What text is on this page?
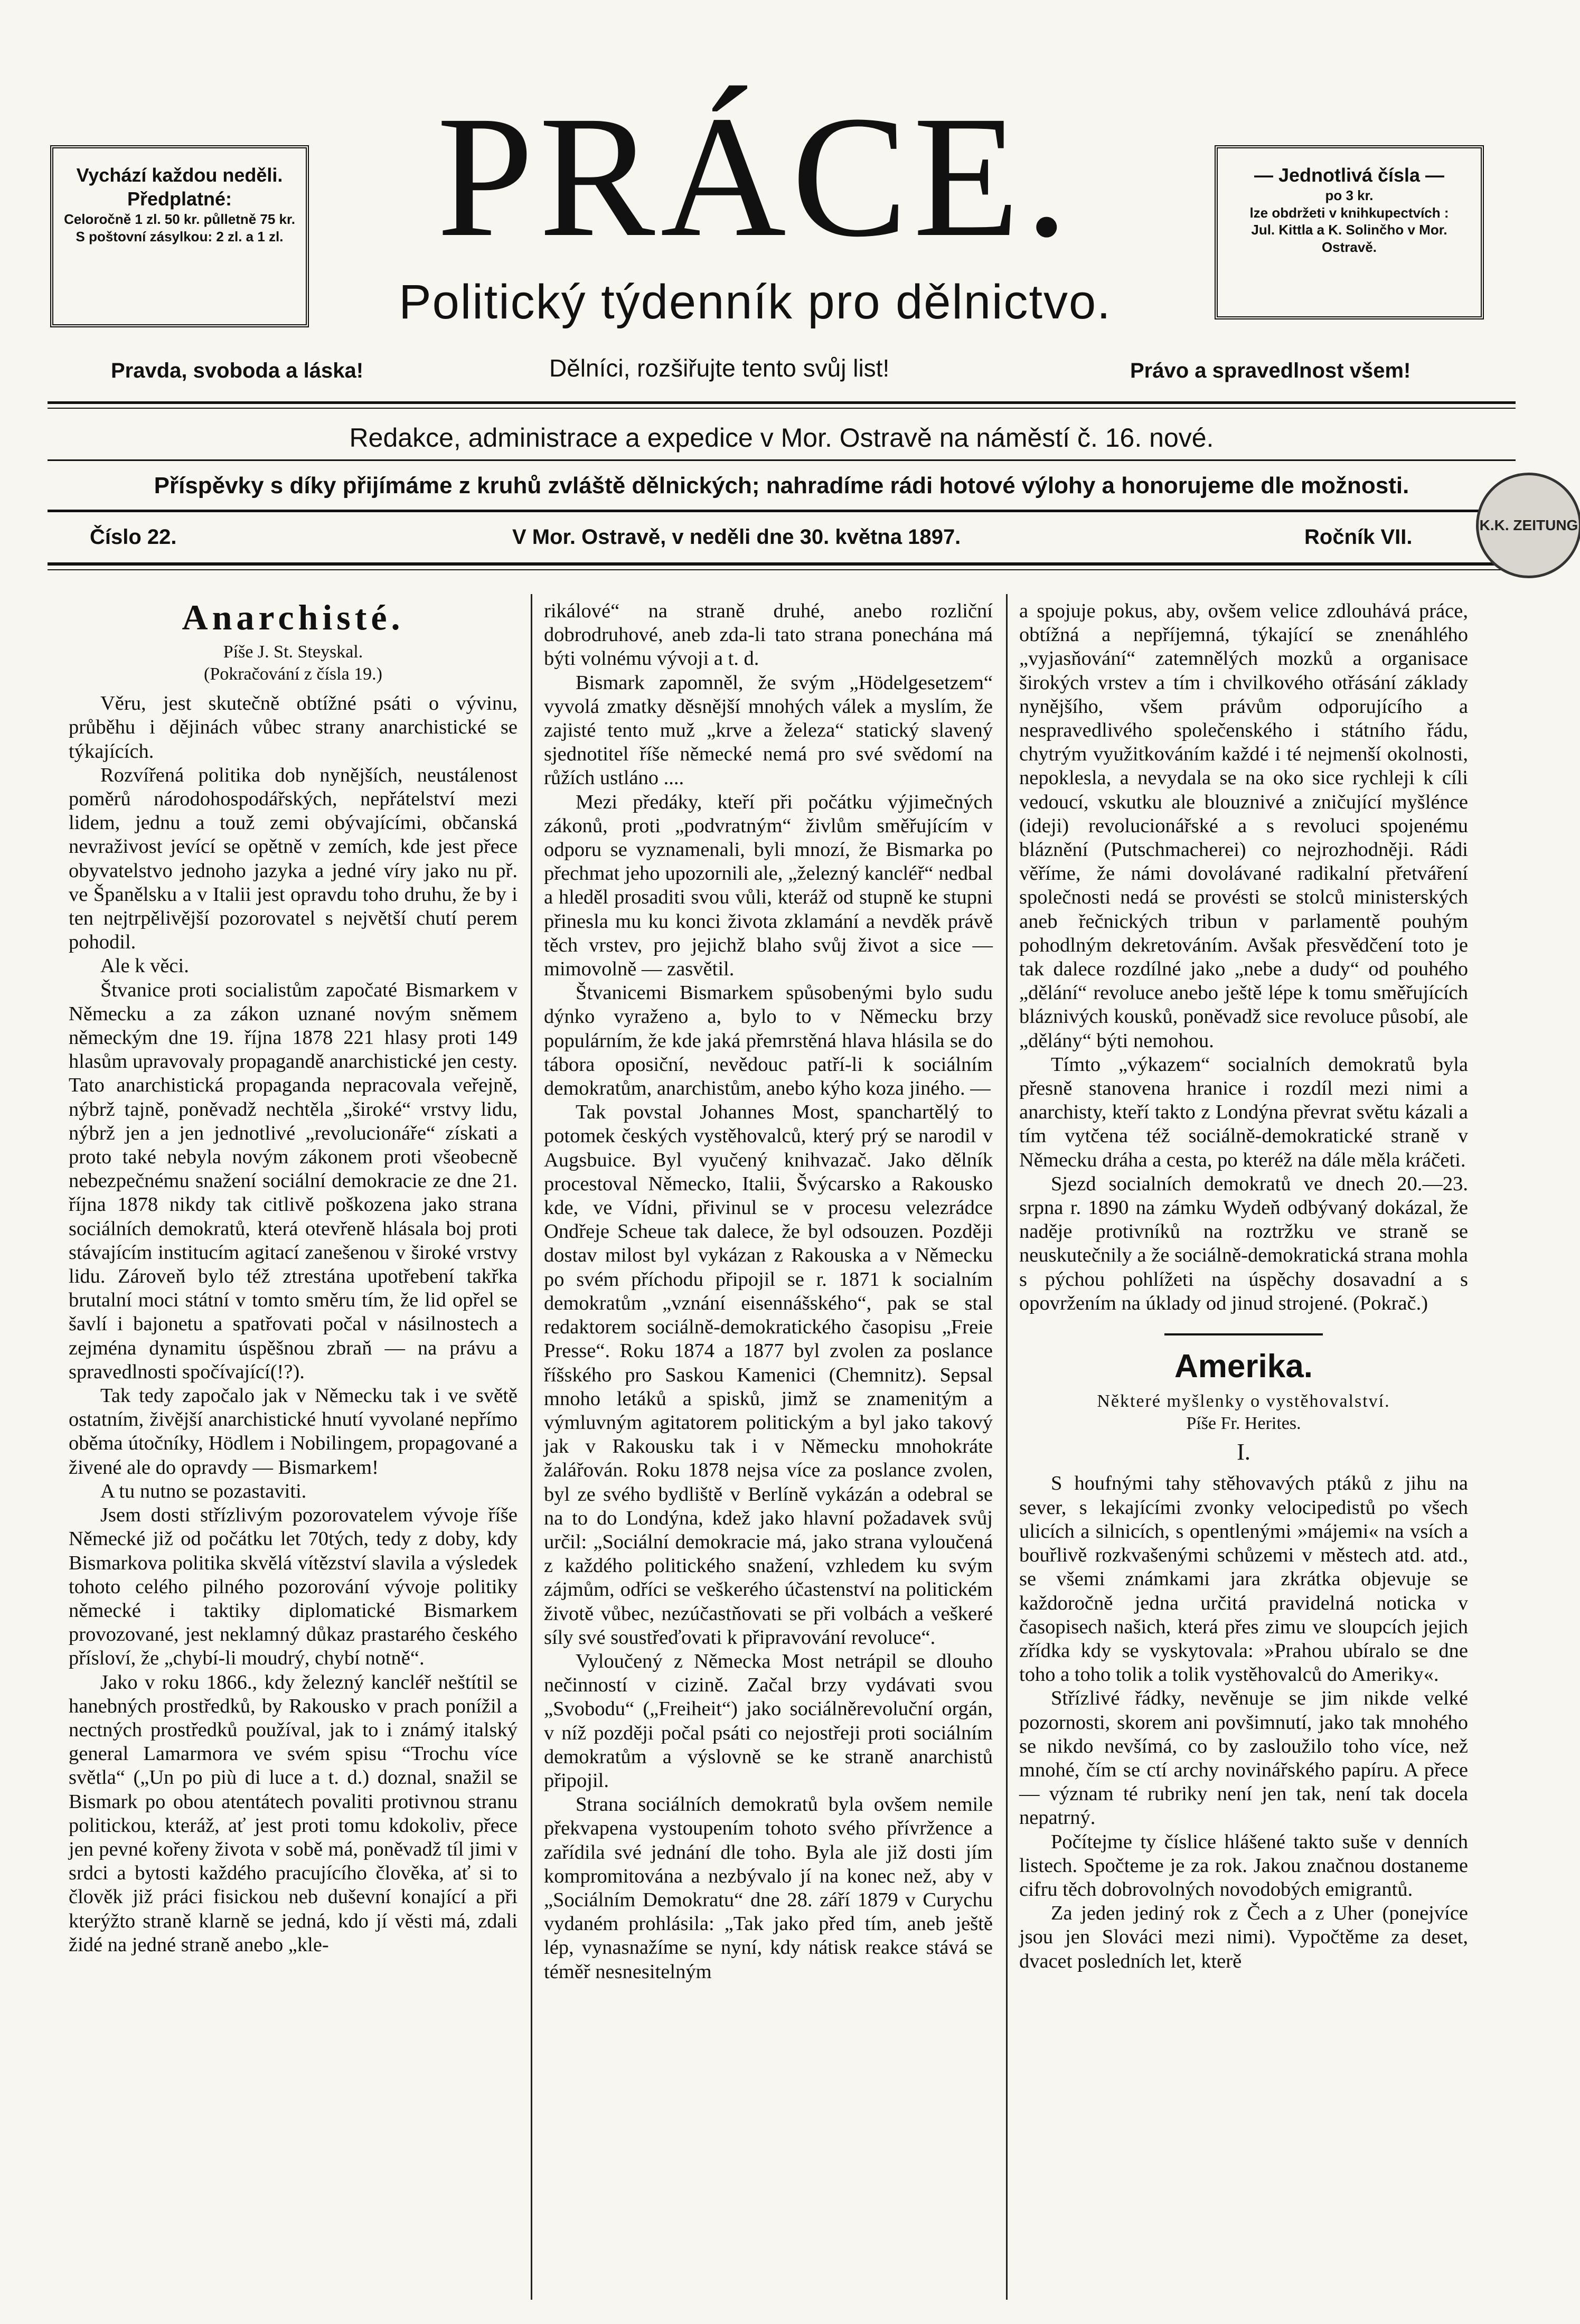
Vychází každou neděli.
Předplatné:
Celoročně 1 zl. 50 kr. půlletně 75 kr.
S poštovní zásylkou: 2 zl. a 1 zl. PRÁCE.
Politický týdenník pro dělnictvo.
— Jednotlivá čísla —
po 3 kr.
lze obdržeti v knihkupectvích :
Jul. Kittla a K. Solinčho v Mor. Ostravě.
Pravda, svoboda a láska!	Dělníci, rozšiřujte tento svůj list!	Právo a spravedlnost všem!
Redakce, administrace a expedice v Mor. Ostravě na náměstí č. 16. nové.
Příspěvky s díky přijímáme z kruhů zvláště dělnických; nahradíme rádi hotové výlohy a honorujeme dle možnosti.
Číslo 22.	V Mor. Ostravě, v neděli dne 30. května 1897.	Ročník VII.
K.K. ZEITUNG
Anarchisté.
Píše J. St. Steyskal.
(Pokračování z čísla 19.)

Věru, jest skutečně obtížné psáti o vývinu, průběhu i dějinách vůbec strany anarchistické se týkajících.

Rozvířená politika dob nynějších, neustálenost poměrů národohospodářských, nepřátelství mezi lidem, jednu a touž zemi obývajícími, občanská nevraživost jevící se opětně v zemích, kde jest přece obyvatelstvo jednoho jazyka a jedné víry jako nu př. ve Španělsku a v Italii jest opravdu toho druhu, že by i ten nejtrpělivější pozorovatel s největší chutí perem pohodil.

Ale k věci.

Štvanice proti socialistům započaté Bismarkem v Německu a za zákon uznané novým sněmem německým dne 19. října 1878 221 hlasy proti 149 hlasům upravovaly propagandě anarchistické jen cesty. Tato anarchistická propaganda nepracovala veřejně, nýbrž tajně, poněvadž nechtěla „široké“ vrstvy lidu, nýbrž jen a jen jednotlivé „revolucionáře“ získati a proto také nebyla novým zákonem proti všeobecně nebezpečnému snažení sociální demokracie ze dne 21. října 1878 nikdy tak citlivě poškozena jako strana sociálních demokratů, která otevřeně hlásala boj proti stávajícím institucím agitací zanešenou v široké vrstvy lidu. Zároveň bylo též ztrestána upotřebení takřka brutalní moci státní v tomto směru tím, že lid opřel se šavlí i bajonetu a spatřovati počal v násilnostech a zejména dynamitu úspěšnou zbraň — na právu a spravedlnosti spočívající(!?).

Tak tedy započalo jak v Německu tak i ve světě ostatním, živější anarchistické hnutí vyvolané nepřímo oběma útočníky, Hödlem i Nobilingem, propagované a živené ale do opravdy — Bismarkem!

A tu nutno se pozastaviti.

Jsem dosti střízlivým pozorovatelem vývoje říše Německé již od počátku let 70tých, tedy z doby, kdy Bismarkova politika skvělá vítězství slavila a výsledek tohoto celého pilného pozorování vývoje politiky německé i taktiky diplomatické Bismarkem provozované, jest neklamný důkaz prastarého českého přísloví, že „chybí-li moudrý, chybí notně“.

Jako v roku 1866., kdy železný kancléř neštítil se hanebných prostředků, by Rakousko v prach ponížil a nectných prostředků používal, jak to i známý italský general Lamarmora ve svém spisu “Trochu více světla“ („Un po più di luce a t. d.) doznal, snažil se Bismark po obou atentátech povaliti protivnou stranu politickou, kteráž, ať jest proti tomu kdokoliv, přece jen pevné kořeny života v sobě má, poněvadž tíl jimi v srdci a bytosti každého pracujícího člověka, ať si to člověk již práci fisickou neb duševní konající a při kterýžto straně klarně se jedná, kdo jí věsti má, zdali židé na jedné straně anebo „kle-

rikálové“ na straně druhé, anebo rozliční dobrodruhové, aneb zda-li tato strana ponechána má býti volnému vývoji a t. d.

Bismark zapomněl, že svým „Hödelgesetzem“ vyvolá zmatky děsnější mnohých válek a myslím, že zajisté tento muž „krve a železa“ statický slavený sjednotitel říše německé nemá pro své svědomí na růžích ustláno ....

Mezi předáky, kteří při počátku výjimečných zákonů, proti „podvratným“ živlům směřujícím v odporu se vyznamenali, byli mnozí, že Bismarka po přechmat jeho upozornili ale, „železný kancléř“ nedbal a hleděl prosaditi svou vůli, kteráž od stupně ke stupni přinesla mu ku konci života zklamání a nevděk právě těch vrstev, pro jejichž blaho svůj život a sice — mimovolně — zasvětil.

Štvanicemi Bismarkem spůsobenými bylo sudu dýnko vyraženo a, bylo to v Německu brzy populárním, že kde jaká přemrstěná hlava hlásila se do tábora oposiční, nevědouc patří-li k sociálním demokratům, anarchistům, anebo kýho koza jiného. —

Tak povstal Johannes Most, spanchartělý to potomek českých vystěhovalců, který prý se narodil v Augsbuice. Byl vyučený knihvazač. Jako dělník procestoval Německo, Italii, Švýcarsko a Rakousko kde, ve Vídni, přivinul se v procesu velezrádce Ondřeje Scheue tak dalece, že byl odsouzen. Později dostav milost byl vykázan z Rakouska a v Německu po svém příchodu připojil se r. 1871 k socialním demokratům „vznání eisennášského“, pak se stal redaktorem sociálně-demokratického časopisu „Freie Presse“. Roku 1874 a 1877 byl zvolen za poslance říšského pro Saskou Kamenici (Chemnitz). Sepsal mnoho letáků a spisků, jimž se znamenitým a výmluvným agitatorem politickým a byl jako takový jak v Rakousku tak i v Německu mnohokráte žalářován. Roku 1878 nejsa více za poslance zvolen, byl ze svého bydliště v Berlíně vykázán a odebral se na to do Londýna, kdež jako hlavní požadavek svůj určil: „Sociální demokracie má, jako strana vyloučená z každého politického snažení, vzhledem ku svým zájmům, odříci se veškerého účastenství na politickém životě vůbec, nezúčastňovati se při volbách a veškeré síly své soustřeďovati k připravování revoluce“.

Vyloučený z Německa Most netrápil se dlouho nečinností v cizině. Začal brzy vydávati svou „Svobodu“ („Freiheit“) jako sociálněrevoluční orgán, v níž později počal psáti co nejostřeji proti sociálním demokratům a výslovně se ke straně anarchistů připojil.

Strana sociálních demokratů byla ovšem nemile překvapena vystoupením tohoto svého přívržence a zařídila své jednání dle toho. Byla ale již dosti jím kompromitována a nezbývalo jí na konec než, aby v „Sociálním Demokratu“ dne 28. září 1879 v Curychu vydaném prohlásila: „Tak jako před tím, aneb ještě lép, vynasnažíme se nyní, kdy nátisk reakce stává se téměř nesnesitelným

a spojuje pokus, aby, ovšem velice zdlouhává práce, obtížná a nepříjemná, týkající se znenáhlého „vyjasňování“ zatemnělých mozků a organisace širokých vrstev a tím i chvilkového otřásání základy nynějšího, všem právům odporujícího a nespravedlivého společenského i státního řádu, chytrým využitkováním každé i té nejmenší okolnosti, nepoklesla, a nevydala se na oko sice rychleji k cíli vedoucí, vskutku ale blouznivé a zničující myšlénce (ideji) revolucionářské a s revoluci spojenému bláznění (Putschmacherei) co nejrozhodněji. Rádi věříme, že námi dovolávané radikalní přetváření společnosti nedá se provésti se stolců ministerských aneb řečnických tribun v parlamentě pouhým pohodlným dekretováním. Avšak přesvědčení toto je tak dalece rozdílné jako „nebe a dudy“ od pouhého „dělání“ revoluce anebo ještě lépe k tomu směřujících bláznivých kousků, poněvadž sice revoluce působí, ale „dělány“ býti nemohou.

Tímto „výkazem“ socialních demokratů byla přesně stanovena hranice i rozdíl mezi nimi a anarchisty, kteří takto z Londýna převrat světu kázali a tím vytčena též sociálně-demokratické straně v Německu dráha a cesta, po kteréž na dále měla kráčeti.

Sjezd socialních demokratů ve dnech 20.—23. srpna r. 1890 na zámku Wydeň odbývaný dokázal, že naděje protivníků na roztržku ve straně se neuskutečnily a že sociálně-demokratická strana mohla s pýchou pohlížeti na úspěchy dosavadní a s opovržením na úklady od jinud strojené. (Pokrač.)

Amerika.
Některé myšlenky o vystěhovalství.
Píše Fr. Herites.
I.

S houfnými tahy stěhovavých ptáků z jihu na sever, s lekajícími zvonky velocipedistů po všech ulicích a silnicích, s opentlenými »májemi« na vsích a bouřlivě rozkvašenými schůzemi v městech atd. atd., se všemi známkami jara zkrátka objevuje se každoročně jedna určitá pravidelná noticka v časopisech našich, která přes zimu ve sloupcích jejich zřídka kdy se vyskytovala: »Prahou ubíralo se dne toho a toho tolik a tolik vystěhovalců do Ameriky«.

Střízlivé řádky, nevěnuje se jim nikde velké pozornosti, skorem ani povšimnutí, jako tak mnohého se nikdo nevšímá, co by zasloužilo toho více, než mnohé, čím se ctí archy novinářského papíru. A přece — význam té rubriky není jen tak, není tak docela nepatrný.

Počítejme ty číslice hlášené takto suše v denních listech. Spočteme je za rok. Jakou značnou dostaneme cifru těch dobrovolných novodobých emigrantů.

Za jeden jediný rok z Čech a z Uher (ponejvíce jsou jen Slováci mezi nimi). Vypočtěme za deset, dvacet posledních let, kterě
